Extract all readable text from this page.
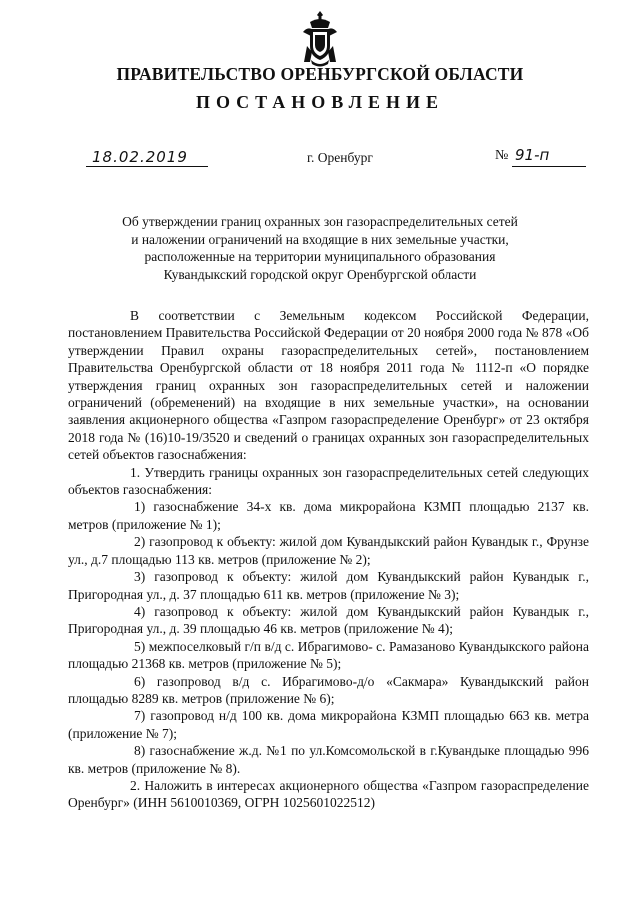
ПРАВИТЕЛЬСТВО ОРЕНБУРГСКОЙ ОБЛАСТИ
ПОСТАНОВЛЕНИЕ
18.02.2019	г. Оренбург	№ 91-п
Об утверждении границ охранных зон газораспределительных сетей
и наложении ограничений на входящие в них земельные участки,
расположенные на территории муниципального образования
Кувандыкский городской округ Оренбургской области

В соответствии с Земельным кодексом Российской Федерации, постановлением Правительства Российской Федерации от 20 ноября 2000 года № 878 «Об утверждении Правил охраны газораспределительных сетей», постановлением Правительства Оренбургской области от 18 ноября 2011 года № 1112-п «О порядке утверждения границ охранных зон газораспределительных сетей и наложении ограничений (обременений) на входящие в них земельные участки», на основании заявления акционерного общества «Газпром газораспределение Оренбург» от 23 октября 2018 года № (16)10-19/3520 и сведений о границах охранных зон газораспределительных сетей объектов газоснабжения:

1. Утвердить границы охранных зон газораспределительных сетей следующих объектов газоснабжения:

1) газоснабжение 34-х кв. дома микрорайона КЗМП площадью 2137 кв. метров (приложение № 1);

2) газопровод к объекту: жилой дом Кувандыкский район Кувандык г., Фрунзе ул., д.7 площадью 113 кв. метров (приложение № 2);

3) газопровод к объекту: жилой дом Кувандыкский район Кувандык г., Пригородная ул., д. 37 площадью 611 кв. метров (приложение № 3);

4) газопровод к объекту: жилой дом Кувандыкский район Кувандык г., Пригородная ул., д. 39 площадью 46 кв. метров (приложение № 4);

5) межпоселковый г/п в/д с. Ибрагимово- с. Рамазаново Кувандыкского района площадью 21368 кв. метров (приложение № 5);

6) газопровод в/д с. Ибрагимово-д/о «Сакмара» Кувандыкский район площадью 8289 кв. метров (приложение № 6);

7) газопровод н/д 100 кв. дома микрорайона КЗМП площадью 663 кв. метра (приложение № 7);

8) газоснабжение ж.д. №1 по ул.Комсомольской в г.Кувандыке площадью 996 кв. метров (приложение № 8).

2. Наложить в интересах акционерного общества «Газпром газораспределение Оренбург» (ИНН 5610010369, ОГРН 1025601022512)
